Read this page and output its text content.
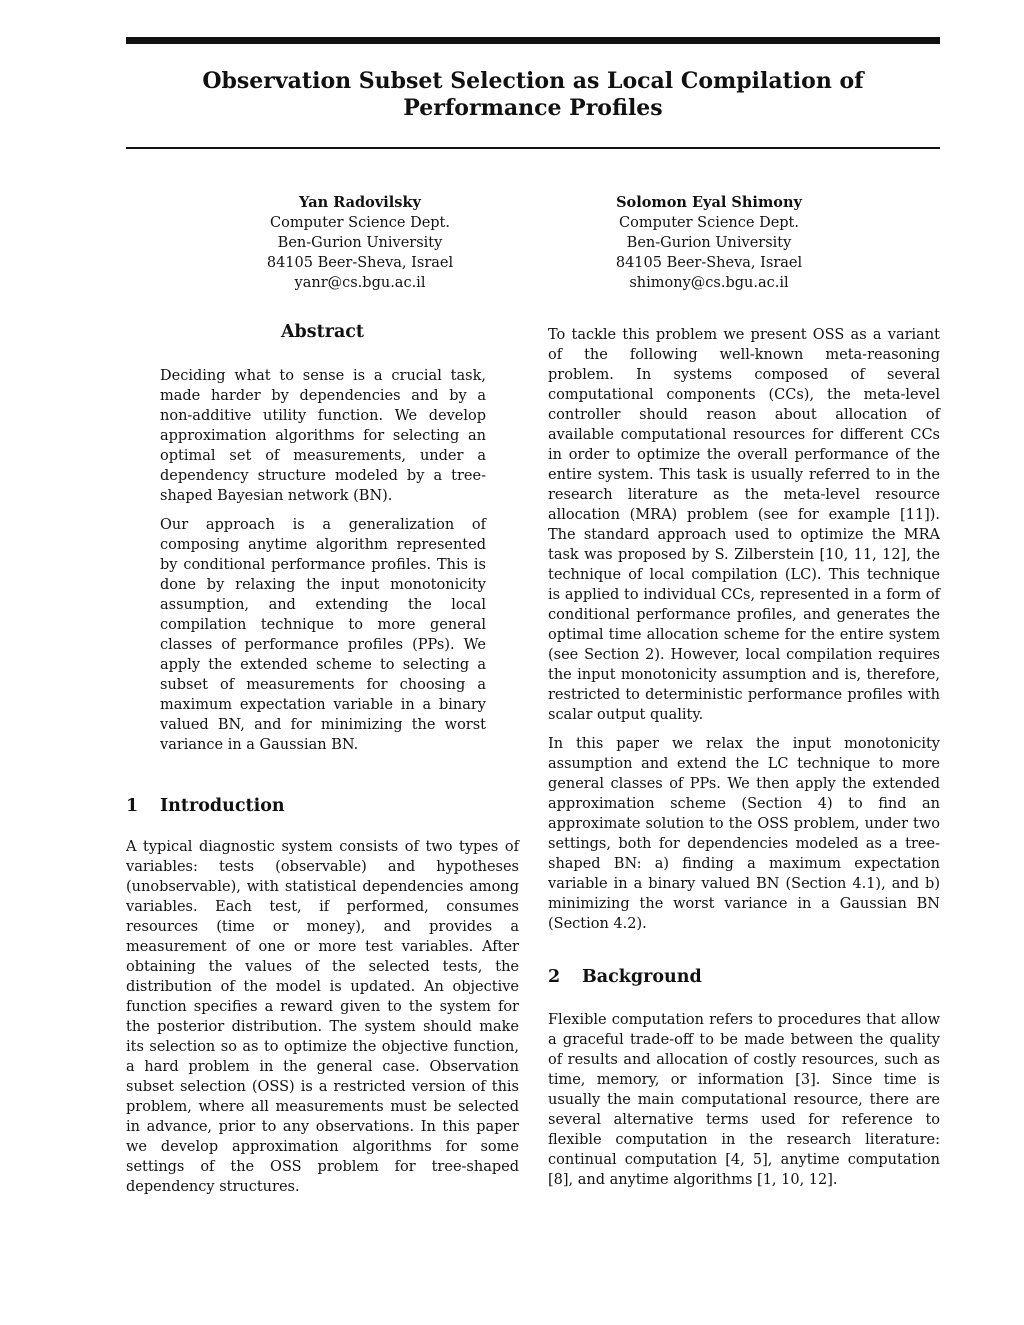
Observation Subset Selection as Local Compilation of Performance Profiles
Yan Radovilsky
Computer Science Dept.
Ben-Gurion University
84105 Beer-Sheva, Israel
yanr@cs.bgu.ac.il
Solomon Eyal Shimony
Computer Science Dept.
Ben-Gurion University
84105 Beer-Sheva, Israel
shimony@cs.bgu.ac.il
Abstract

Deciding what to sense is a crucial task, made harder by dependencies and by a non-additive utility function. We develop approximation algorithms for selecting an optimal set of measurements, under a dependency structure modeled by a tree-shaped Bayesian network (BN).

Our approach is a generalization of composing anytime algorithm represented by conditional performance profiles. This is done by relaxing the input monotonicity assumption, and extending the local compilation technique to more general classes of performance profiles (PPs). We apply the extended scheme to selecting a subset of measurements for choosing a maximum expectation variable in a binary valued BN, and for minimizing the worst variance in a Gaussian BN.

1 Introduction

A typical diagnostic system consists of two types of variables: tests (observable) and hypotheses (unobservable), with statistical dependencies among variables. Each test, if performed, consumes resources (time or money), and provides a measurement of one or more test variables. After obtaining the values of the selected tests, the distribution of the model is updated. An objective function specifies a reward given to the system for the posterior distribution. The system should make its selection so as to optimize the objective function, a hard problem in the general case. Observation subset selection (OSS) is a restricted version of this problem, where all measurements must be selected in advance, prior to any observations. In this paper we develop approximation algorithms for some settings of the OSS problem for tree-shaped dependency structures.

To tackle this problem we present OSS as a variant of the following well-known meta-reasoning problem. In systems composed of several computational components (CCs), the meta-level controller should reason about allocation of available computational resources for different CCs in order to optimize the overall performance of the entire system. This task is usually referred to in the research literature as the meta-level resource allocation (MRA) problem (see for example [11]). The standard approach used to optimize the MRA task was proposed by S. Zilberstein [10, 11, 12], the technique of local compilation (LC). This technique is applied to individual CCs, represented in a form of conditional performance profiles, and generates the optimal time allocation scheme for the entire system (see Section 2). However, local compilation requires the input monotonicity assumption and is, therefore, restricted to deterministic performance profiles with scalar output quality.

In this paper we relax the input monotonicity assumption and extend the LC technique to more general classes of PPs. We then apply the extended approximation scheme (Section 4) to find an approximate solution to the OSS problem, under two settings, both for dependencies modeled as a tree-shaped BN: a) finding a maximum expectation variable in a binary valued BN (Section 4.1), and b) minimizing the worst variance in a Gaussian BN (Section 4.2).

2 Background

Flexible computation refers to procedures that allow a graceful trade-off to be made between the quality of results and allocation of costly resources, such as time, memory, or information [3]. Since time is usually the main computational resource, there are several alternative terms used for reference to flexible computation in the research literature: continual computation [4, 5], anytime computation [8], and anytime algorithms [1, 10, 12].
